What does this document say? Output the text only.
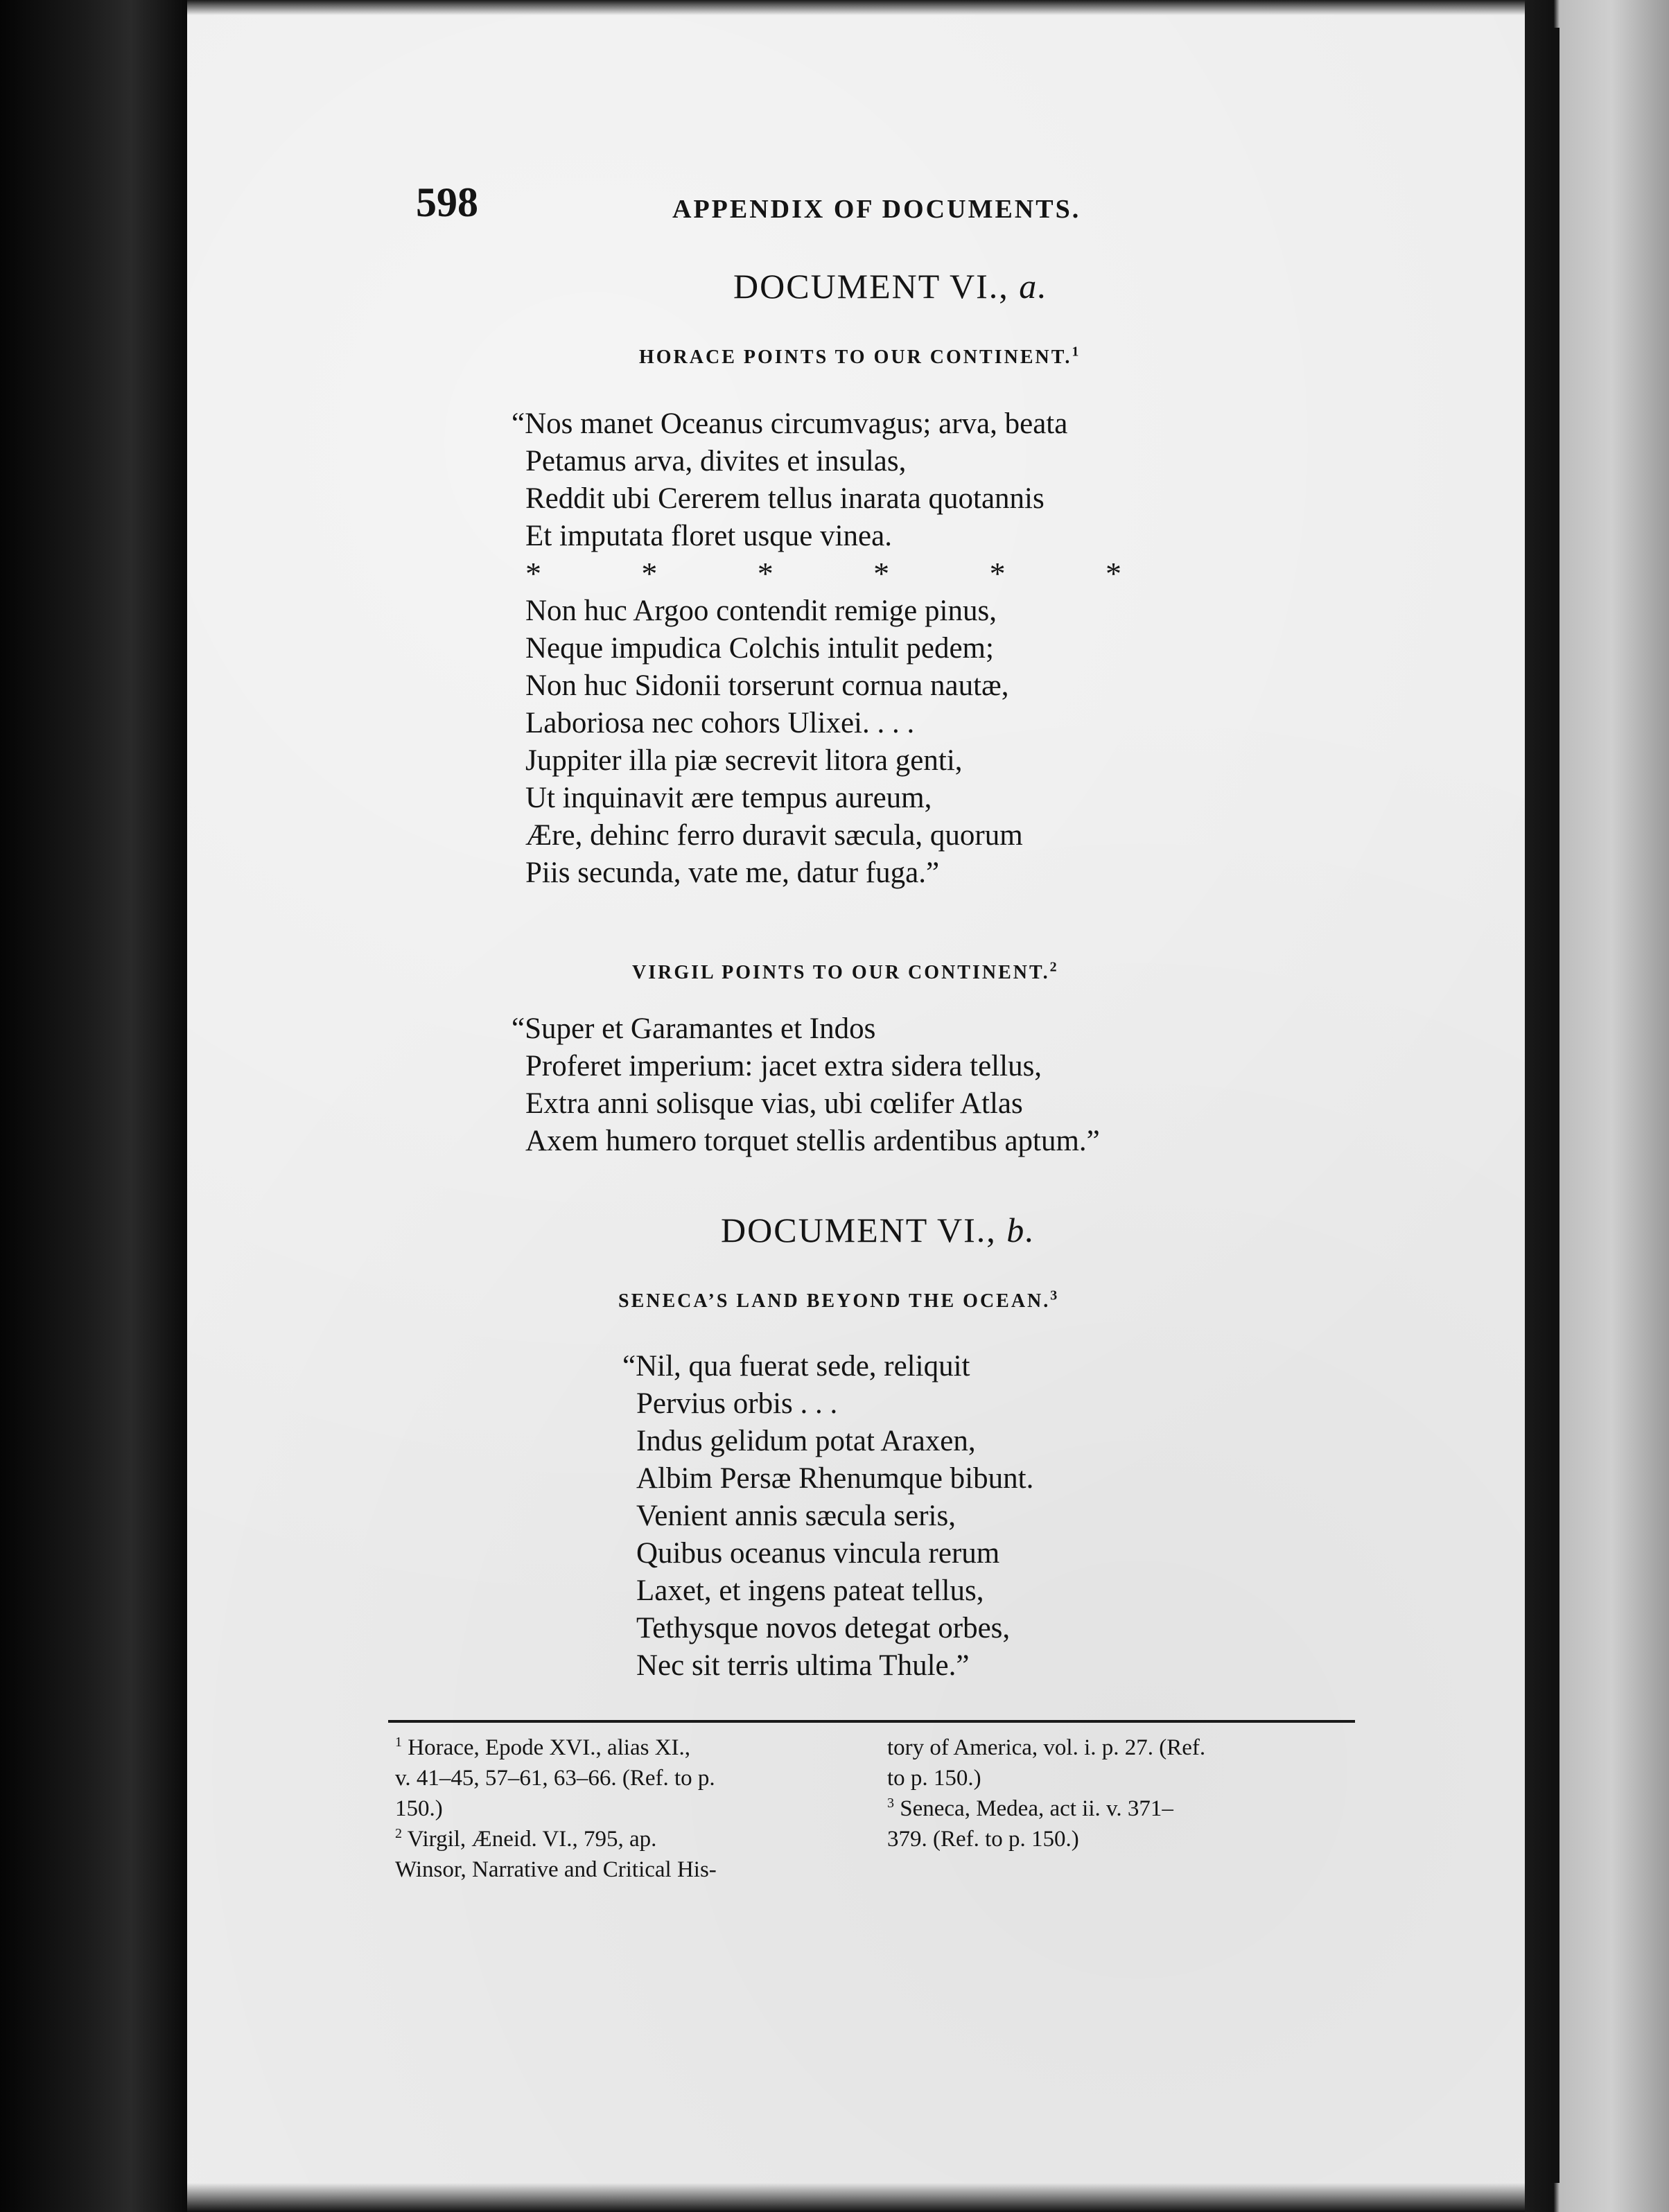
598	APPENDIX OF DOCUMENTS.
DOCUMENT VI., a.
HORACE POINTS TO OUR CONTINENT.$^1$
“Nos manet Oceanus circumvagus; arva, beata
Petamus arva, divites et insulas,
Reddit ubi Cererem tellus inarata quotannis
Et imputata floret usque vinea.
*	*	*	*	*	*
Non huc Argoo contendit remige pinus,
Neque impudica Colchis intulit pedem;
Non huc Sidonii torserunt cornua nautæ,
Laboriosa nec cohors Ulixei. . . .
Juppiter illa piæ secrevit litora genti,
Ut inquinavit ære tempus aureum,
Ære, dehinc ferro duravit sæcula, quorum
Piis secunda, vate me, datur fuga.”
VIRGIL POINTS TO OUR CONTINENT.$^2$
“Super et Garamantes et Indos
Proferet imperium: jacet extra sidera tellus,
Extra anni solisque vias, ubi cœlifer Atlas
Axem humero torquet stellis ardentibus aptum.”
DOCUMENT VI., b.
SENECA’S LAND BEYOND THE OCEAN.$^3$
“Nil, qua fuerat sede, reliquit
Pervius orbis . . .
Indus gelidum potat Araxen,
Albim Persæ Rhenumque bibunt.
Venient annis sæcula seris,
Quibus oceanus vincula rerum
Laxet, et ingens pateat tellus,
Tethysque novos detegat orbes,
Nec sit terris ultima Thule.”
$^1$ Horace, Epode XVI., alias XI.,
v. 41–45, 57–61, 63–66. (Ref. to p.
150.)
$^2$ Virgil, Æneid. VI., 795, ap.
Winsor, Narrative and Critical His-
tory of America, vol. i. p. 27. (Ref.
to p. 150.)
$^3$ Seneca, Medea, act ii. v. 371–
379. (Ref. to p. 150.)
